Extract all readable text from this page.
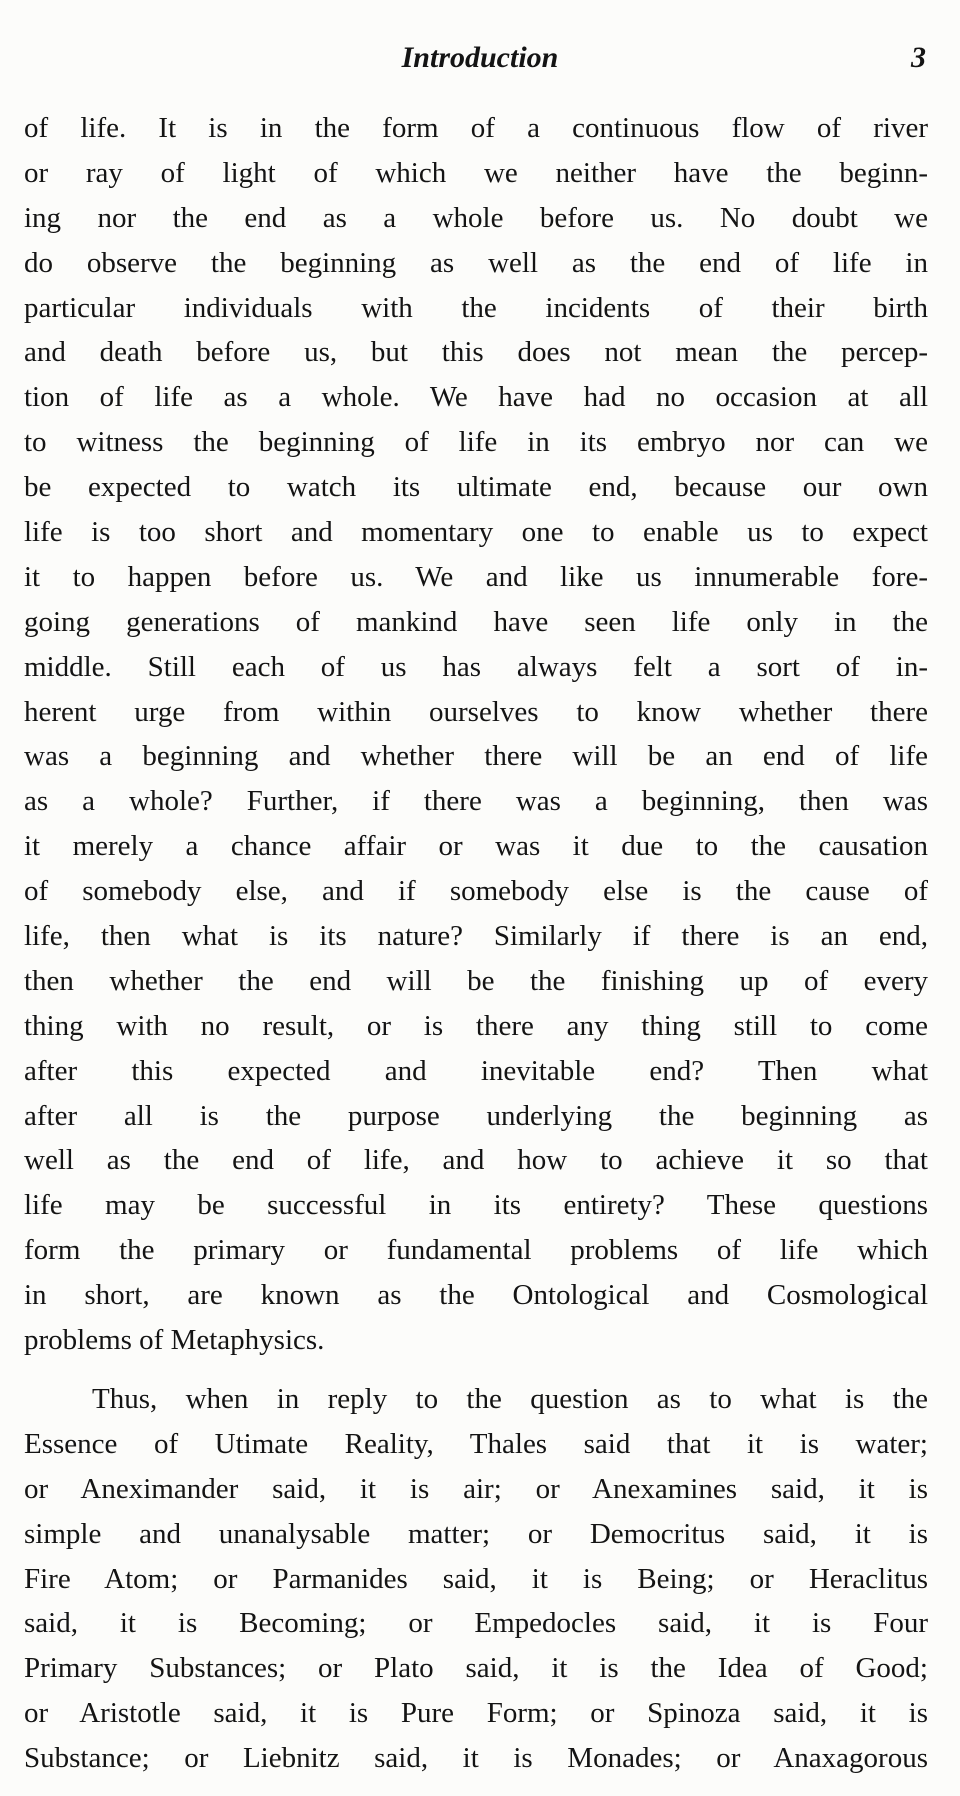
Introduction	3
of life. It is in the form of a continuous flow of river
or ray of light of which we neither have the beginn-
ing nor the end as a whole before us. No doubt we
do observe the beginning as well as the end of life in
particular individuals with the incidents of their birth
and death before us, but this does not mean the percep-
tion of life as a whole. We have had no occasion at all
to witness the beginning of life in its embryo nor can we
be expected to watch its ultimate end, because our own
life is too short and momentary one to enable us to expect
it to happen before us. We and like us innumerable fore-
going generations of mankind have seen life only in the
middle. Still each of us has always felt a sort of in-
herent urge from within ourselves to know whether there
was a beginning and whether there will be an end of life
as a whole? Further, if there was a beginning, then was
it merely a chance affair or was it due to the causation
of somebody else, and if somebody else is the cause of
life, then what is its nature? Similarly if there is an end,
then whether the end will be the finishing up of every
thing with no result, or is there any thing still to come
after this expected and inevitable end? Then what
after all is the purpose underlying the beginning as
well as the end of life, and how to achieve it so that
life may be successful in its entirety? These questions
form the primary or fundamental problems of life which
in short, are known as the Ontological and Cosmological
problems of Metaphysics.
Thus, when in reply to the question as to what is the
Essence of Utimate Reality, Thales said that it is water;
or Aneximander said, it is air; or Anexamines said, it is
simple and unanalysable matter; or Democritus said, it is
Fire Atom; or Parmanides said, it is Being; or Heraclitus
said, it is Becoming; or Empedocles said, it is Four
Primary Substances; or Plato said, it is the Idea of Good;
or Aristotle said, it is Pure Form; or Spinoza said, it is
Substance; or Liebnitz said, it is Monades; or Anaxagorous
